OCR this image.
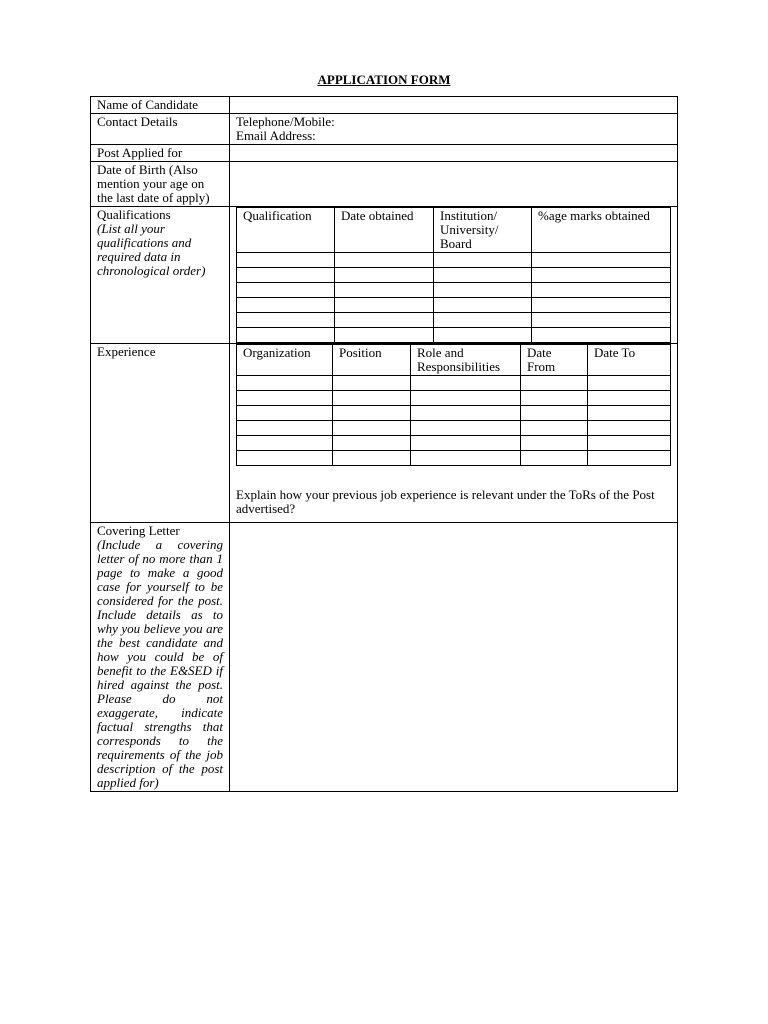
APPLICATION FORM
Name of Candidate	
Contact Details	Telephone/Mobile:
Email Address:

Post Applied for	
Date of Birth (Also mention your age on the last date of apply)	

Qualifications
(List all your qualifications and required data in chronological order)

Qualification	Date obtained	Institution/ University/ Board	%age marks obtained

Experience		Organization	Position	Role and Responsibilities	Date From	Date To

Explain how your previous job experience is relevant under the ToRs of the Post advertised?

Covering Letter
(Include a covering letter of no more than 1 page to make a good case for yourself to be considered for the post. Include details as to why you believe you are the best candidate and how you could be of benefit to the E&SED if hired against the post. Please do not exaggerate, indicate factual strengths that corresponds to the requirements of the job description of the post applied for)
